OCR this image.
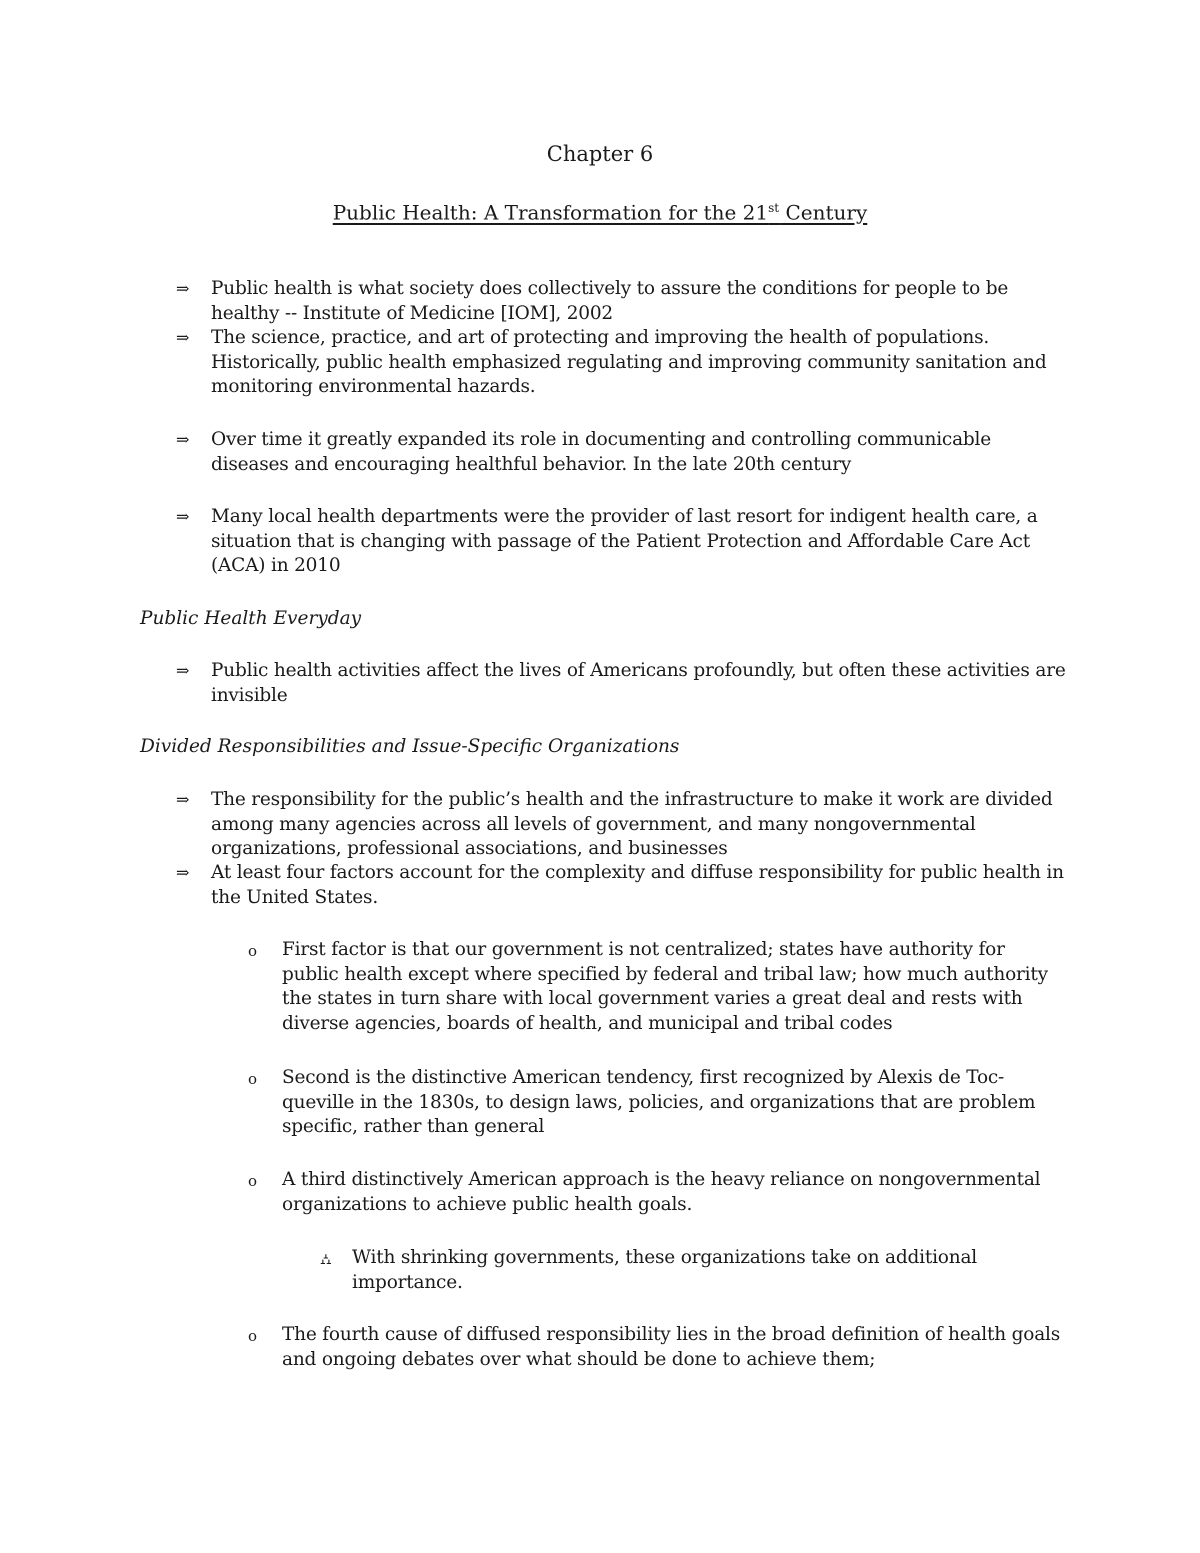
Chapter 6
Public Health: A Transformation for the 21st Century
⇒ Public health is what society does collectively to assure the conditions for people to be healthy -- Institute of Medicine [IOM], 2002
⇒ The science, practice, and art of protecting and improving the health of populations. Historically, public health emphasized regulating and improving community sanitation and monitoring environmental hazards.
⇒ Over time it greatly expanded its role in documenting and controlling communicable diseases and encouraging healthful behavior. In the late 20th century
⇒ Many local health departments were the provider of last resort for indigent health care, a situation that is changing with passage of the Patient Protection and Affordable Care Act (ACA) in 2010
Public Health Everyday
⇒ Public health activities affect the lives of Americans profoundly, but often these activities are invisible
Divided Responsibilities and Issue-Specific Organizations
⇒ The responsibility for the public’s health and the infrastructure to make it work are divided among many agencies across all levels of government, and many nongovernmental organizations, professional associations, and businesses
⇒ At least four factors account for the complexity and diffuse responsibility for public health in the United States.
o First factor is that our government is not centralized; states have authority for public health except where specified by federal and tribal law; how much authority the states in turn share with local government varies a great deal and rests with diverse agencies, boards of health, and municipal and tribal codes
o Second is the distinctive American tendency, first recognized by Alexis de Toc-queville in the 1830s, to design laws, policies, and organizations that are problem specific, rather than general
o A third distinctively American approach is the heavy reliance on nongovernmental organizations to achieve public health goals.
⛼ With shrinking governments, these organizations take on additional importance.
o The fourth cause of diffused responsibility lies in the broad definition of health goals and ongoing debates over what should be done to achieve them;
